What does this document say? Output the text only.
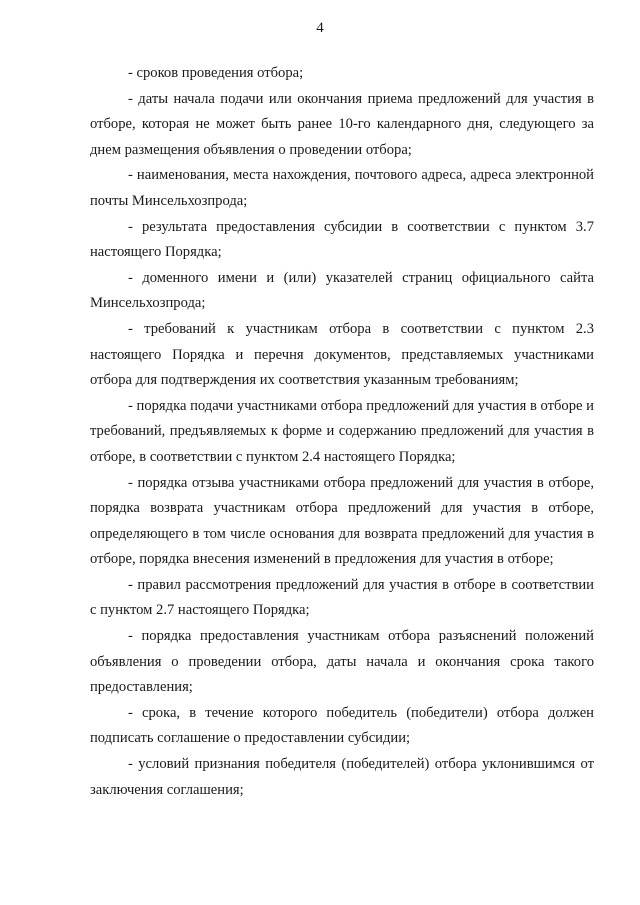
4

- сроков проведения отбора;

- даты начала подачи или окончания приема предложений для участия в отборе, которая не может быть ранее 10-го календарного дня, следующего за днем размещения объявления о проведении отбора;

- наименования, места нахождения, почтового адреса, адреса электронной почты Минсельхозпрода;

- результата предоставления субсидии в соответствии с пунктом 3.7 настоящего Порядка;

- доменного имени и (или) указателей страниц официального сайта Минсельхозпрода;

- требований к участникам отбора в соответствии с пунктом 2.3 настоящего Порядка и перечня документов, представляемых участниками отбора для подтверждения их соответствия указанным требованиям;

- порядка подачи участниками отбора предложений для участия в отборе и требований, предъявляемых к форме и содержанию предложений для участия в отборе, в соответствии с пунктом 2.4 настоящего Порядка;

- порядка отзыва участниками отбора предложений для участия в отборе, порядка возврата участникам отбора предложений для участия в отборе, определяющего в том числе основания для возврата предложений для участия в отборе, порядка внесения изменений в предложения для участия в отборе;

- правил рассмотрения предложений для участия в отборе в соответствии с пунктом 2.7 настоящего Порядка;

- порядка предоставления участникам отбора разъяснений положений объявления о проведении отбора, даты начала и окончания срока такого предоставления;

- срока, в течение которого победитель (победители) отбора должен подписать соглашение о предоставлении субсидии;

- условий признания победителя (победителей) отбора уклонившимся от заключения соглашения;
